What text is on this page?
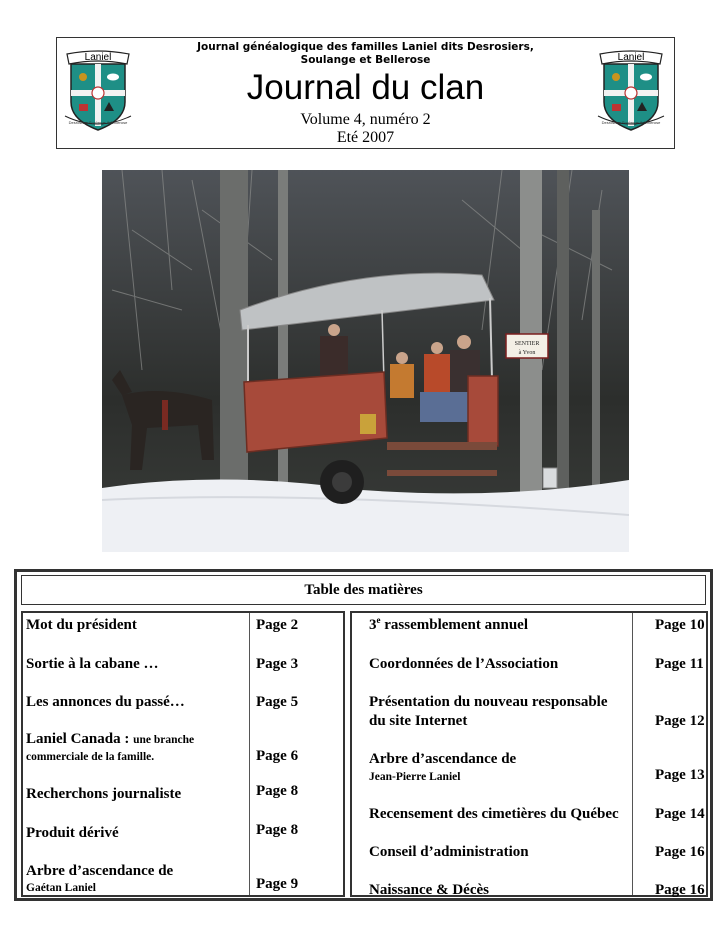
Laniel
Desrosiers Soulange & Bellerose
Journal généalogique des familles Laniel dits Desrosiers,
Soulange et Bellerose
Journal du clan
Volume 4, numéro 2
Eté 2007
Laniel
Desrosiers Soulange & Bellerose
SENTIER
à Yvon
Table des matières
Mot du président	Page 2
Sortie à la cabane …	Page 3
Les annonces du passé…	Page 5
Laniel Canada : une branche
commerciale de la famille.	Page 6
Recherchons journaliste	Page 8
Produit dérivé	Page 8
Arbre d’ascendance de
Gaétan Laniel	Page 9
3e rassemblement annuel	Page 10
Coordonnées de l’Association	Page 11
Présentation du nouveau responsable
du site Internet	Page 12
Arbre d’ascendance de
Jean-Pierre Laniel	Page 13
Recensement des cimetières du Québec Page 14
Conseil d’administration	Page 16
Naissance & Décès	Page 16
